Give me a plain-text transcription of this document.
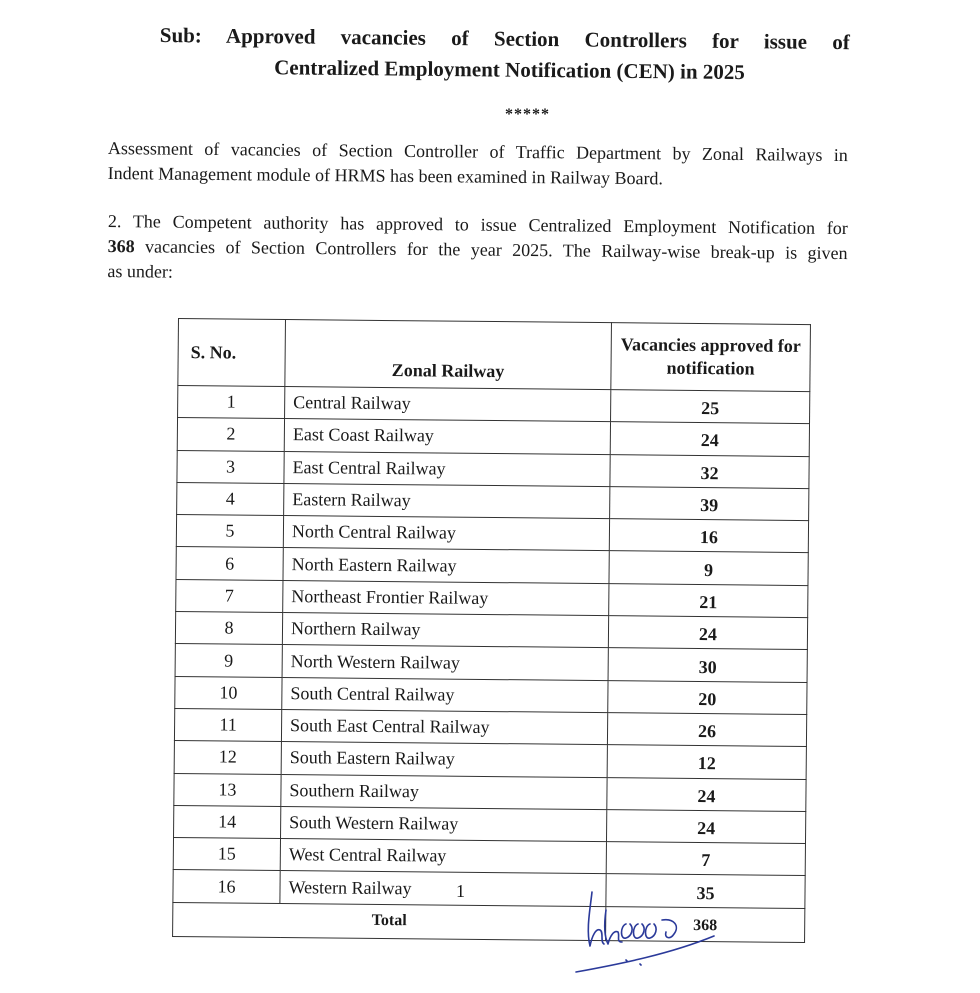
Sub: Approved vacancies of Section Controllers for issue of
Centralized Employment Notification (CEN) in 2025
*****
Assessment of vacancies of Section Controller of Traffic Department by Zonal Railways in
Indent Management module of HRMS has been examined in Railway Board.
2. The Competent authority has approved to issue Centralized Employment Notification for
368 vacancies of Section Controllers for the year 2025. The Railway-wise break-up is given
as under:
S. No.	Zonal Railway	Vacancies approved for notification
1	Central Railway	25
2	East Coast Railway	24
3	East Central Railway	32
4	Eastern Railway	39
5	North Central Railway	16
6	North Eastern Railway	9
7	Northeast Frontier Railway	21
8	Northern Railway	24
9	North Western Railway	30
10	South Central Railway	20
11	South East Central Railway	26
12	South Eastern Railway	12
13	Southern Railway	24
14	South Western Railway	24
15	West Central Railway	7
16	Western Railway	35
Total		368
1
